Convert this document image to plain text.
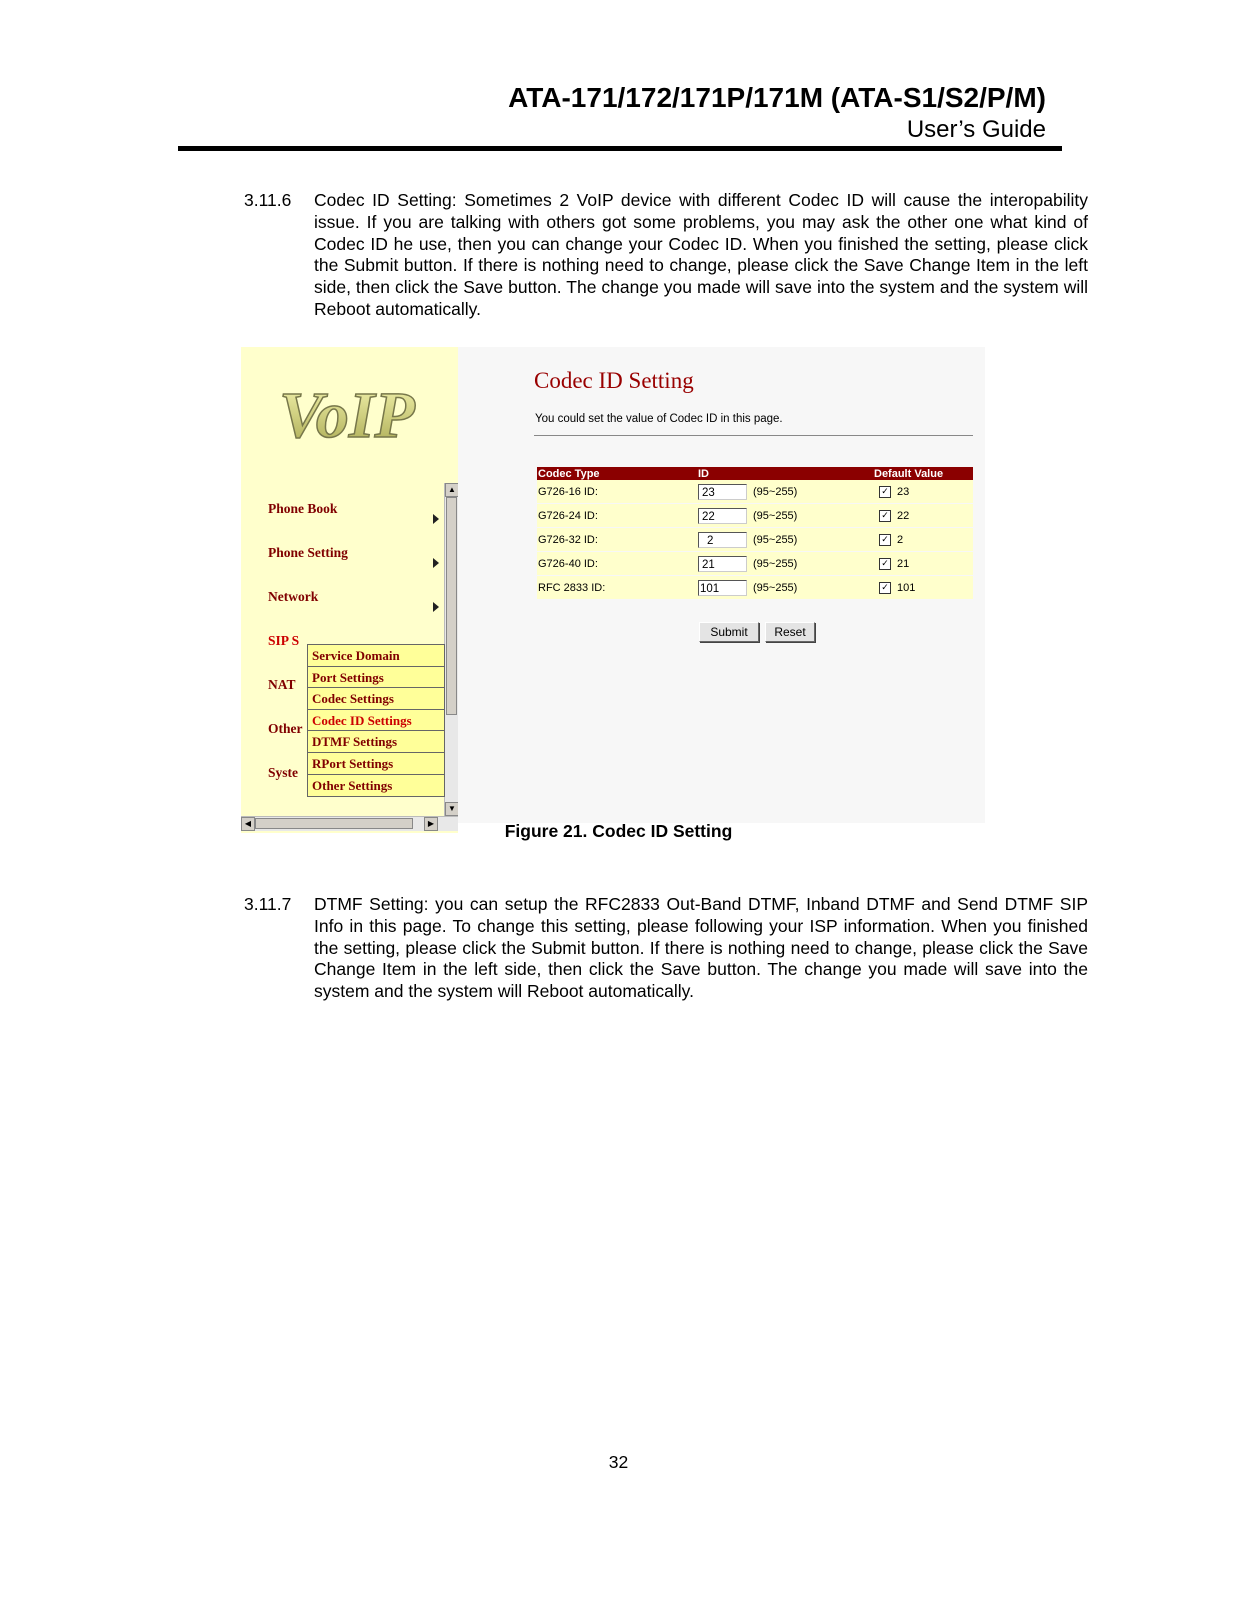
ATA-171/172/171P/171M (ATA-S1/S2/P/M)
User’s Guide
3.11.6 Codec ID Setting: Sometimes 2 VoIP device with different Codec ID will cause the interopability issue. If you are talking with others got some problems, you may ask the other one what kind of Codec ID he use, then you can change your Codec ID. When you finished the setting, please click the Submit button. If there is nothing need to change, please click the Save Change Item in the left side, then click the Save button. The change you made will save into the system and the system will Reboot automatically.
VoIP
Phone Book
Phone Setting
Network
SIP S
NAT
Other
Syste
▲
▼
◀	▶
Service Domain
Port Settings
Codec Settings
Codec ID Settings
DTMF Settings
RPort Settings
Other Settings
Codec ID Setting
You could set the value of Codec ID in this page.
Codec Type	ID	Default Value
G726-16 ID:	23 (95~255)	✓ 23
G726-24 ID:	22 (95~255)	✓ 22
G726-32 ID:	2 (95~255)	✓ 2
G726-40 ID:	21 (95~255)	✓ 21
RFC 2833 ID:	101 (95~255)	✓ 101
Submit	Reset
Figure 21. Codec ID Setting
3.11.7 DTMF Setting: you can setup the RFC2833 Out-Band DTMF, Inband DTMF and Send DTMF SIP Info in this page. To change this setting, please following your ISP information. When you finished the setting, please click the Submit button. If there is nothing need to change, please click the Save Change Item in the left side, then click the Save button. The change you made will save into the system and the system will Reboot automatically.
32
